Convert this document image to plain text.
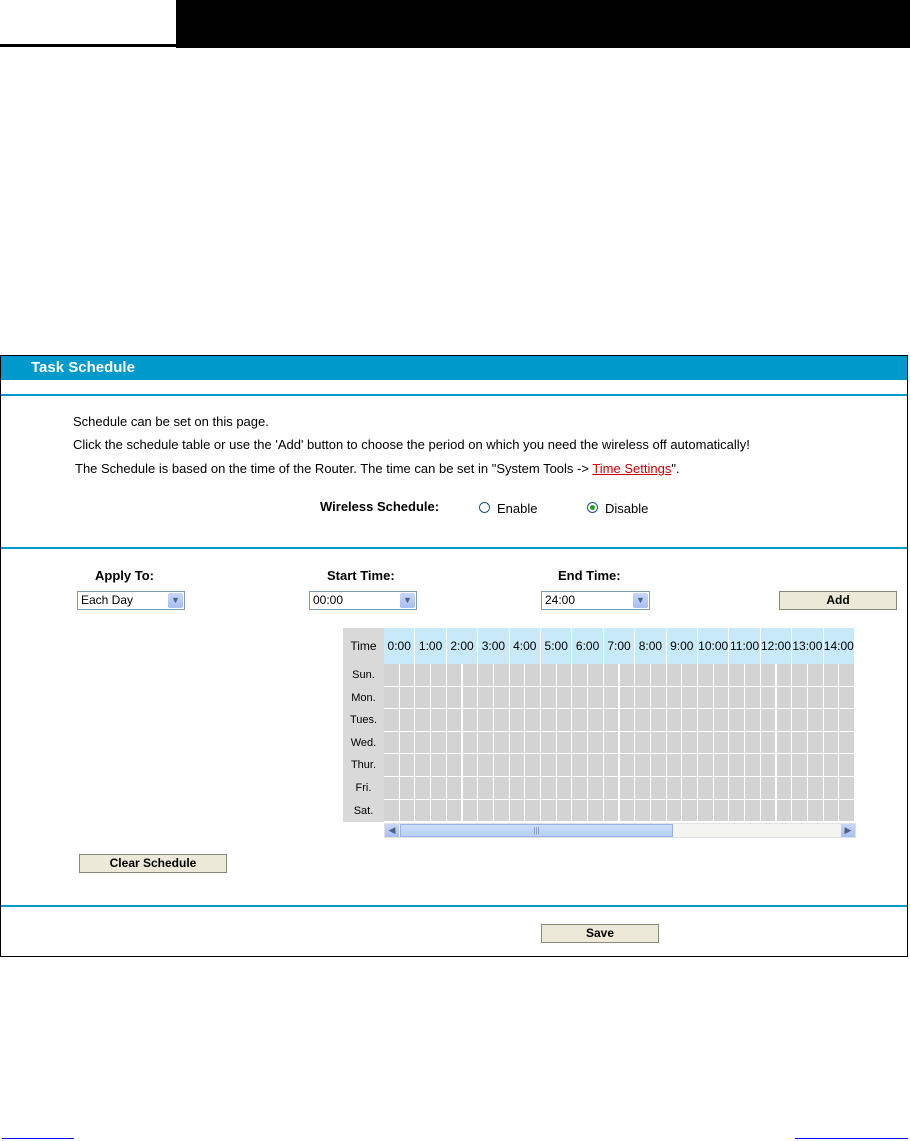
Task Schedule
Schedule can be set on this page.
Click the schedule table or use the 'Add' button to choose the period on which you need the wireless off automatically!
The Schedule is based on the time of the Router. The time can be set in "System Tools -> Time Settings".
Wireless Schedule:	Enable	Disable
Apply To:
Each Day	▼
Start Time:
00:00	▼
End Time:
24:00	▼	Add
Time 0:00 1:00 2:00 3:00 4:00 5:00 6:00 7:00 8:00 9:00 10:00 11:00 12:00 13:00 14:00
Sun.
Mon.
Tues.
Wed.
Thur.
Fri.
Sat.
◀	|||	▶
Clear Schedule
Save
